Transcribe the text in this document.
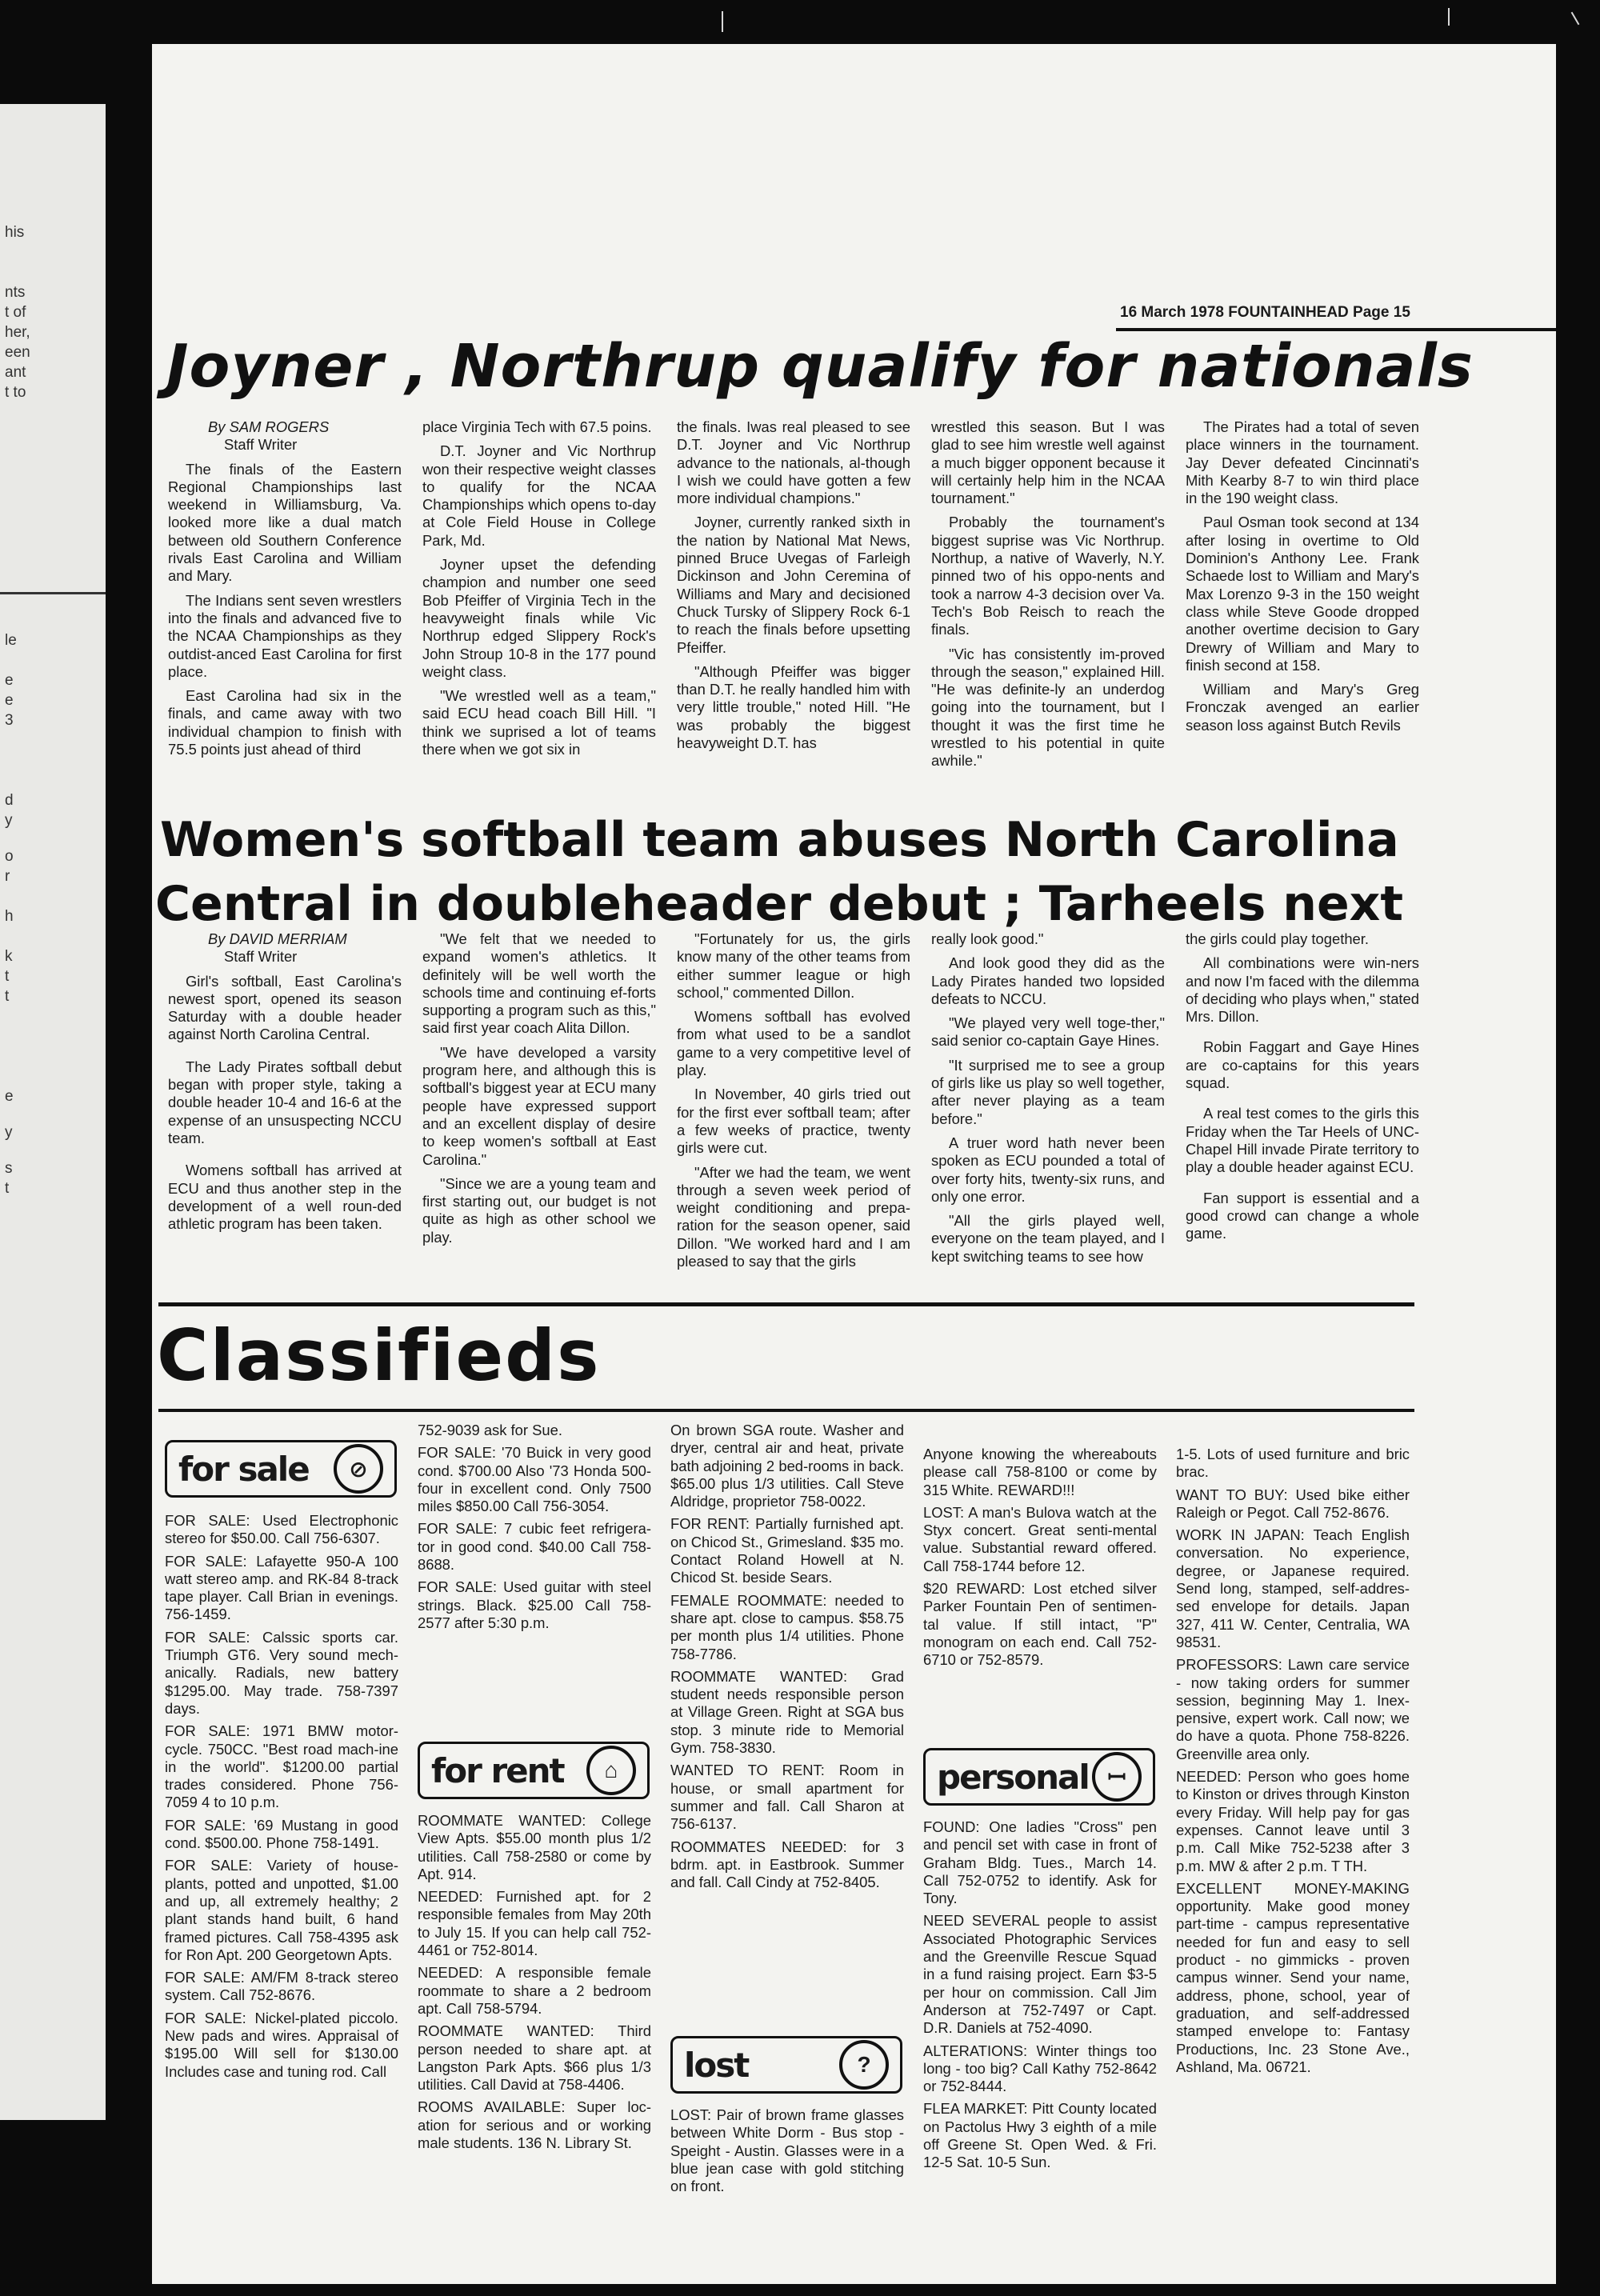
his
nts
t of
her,
een
ant
t to
le
e
e
3
d
y
o
r
h
k
t
t
e
y
s
t
16 March 1978 FOUNTAINHEAD Page 15
Joyner , Northrup qualify for nationals

By SAM ROGERS

Staff Writer

The finals of the Eastern Regional Championships last weekend in Williamsburg, Va. looked more like a dual match between old Southern Conference rivals East Carolina and William and Mary.

The Indians sent seven wrestlers into the finals and advanced five to the NCAA Championships as they outdist-anced East Carolina for first place.

East Carolina had six in the finals, and came away with two individual champion to finish with 75.5 points just ahead of third

place Virginia Tech with 67.5 poins.

D.T. Joyner and Vic Northrup won their respective weight classes to qualify for the NCAA Championships which opens to-day at Cole Field House in College Park, Md.

Joyner upset the defending champion and number one seed Bob Pfeiffer of Virginia Tech in the heavyweight finals while Vic Northrup edged Slippery Rock's John Stroup 10-8 in the 177 pound weight class.

"We wrestled well as a team," said ECU head coach Bill Hill. "I think we suprised a lot of teams there when we got six in

the finals. Iwas real pleased to see D.T. Joyner and Vic Northrup advance to the nationals, al-though I wish we could have gotten a few more individual champions."

Joyner, currently ranked sixth in the nation by National Mat News, pinned Bruce Uvegas of Farleigh Dickinson and John Ceremina of Williams and Mary and decisioned Chuck Tursky of Slippery Rock 6-1 to reach the finals before upsetting Pfeiffer.

"Although Pfeiffer was bigger than D.T. he really handled him with very little trouble," noted Hill. "He was probably the biggest heavyweight D.T. has

wrestled this season. But I was glad to see him wrestle well against a much bigger opponent because it will certainly help him in the NCAA tournament."

Probably the tournament's biggest suprise was Vic Northrup. Northup, a native of Waverly, N.Y. pinned two of his oppo-nents and took a narrow 4-3 decision over Va. Tech's Bob Reisch to reach the finals.

"Vic has consistently im-proved through the season," explained Hill. "He was definite-ly an underdog going into the tournament, but I thought it was the first time he wrestled to his potential in quite awhile."

The Pirates had a total of seven place winners in the tournament. Jay Dever defeated Cincinnati's Mith Kearby 8-7 to win third place in the 190 weight class.

Paul Osman took second at 134 after losing in overtime to Old Dominion's Anthony Lee. Frank Schaede lost to William and Mary's Max Lorenzo 9-3 in the 150 weight class while Steve Goode dropped another overtime decision to Gary Drewry of William and Mary to finish second at 158.

William and Mary's Greg Fronczak avenged an earlier season loss against Butch Revils

Women's softball team abuses North Carolina
Central in doubleheader debut ; Tarheels next

By DAVID MERRIAM

Staff Writer

Girl's softball, East Carolina's newest sport, opened its season Saturday with a double header against North Carolina Central.

The Lady Pirates softball debut began with proper style, taking a double header 10-4 and 16-6 at the expense of an unsuspecting NCCU team.

Womens softball has arrived at ECU and thus another step in the development of a well roun-ded athletic program has been taken.

"We felt that we needed to expand women's athletics. It definitely will be well worth the schools time and continuing ef-forts supporting a program such as this," said first year coach Alita Dillon.

"We have developed a varsity program here, and although this is softball's biggest year at ECU many people have expressed support and an excellent display of desire to keep women's softball at East Carolina."

"Since we are a young team and first starting out, our budget is not quite as high as other school we play.

"Fortunately for us, the girls know many of the other teams from either summer league or high school," commented Dillon.

Womens softball has evolved from what used to be a sandlot game to a very competitive level of play.

In November, 40 girls tried out for the first ever softball team; after a few weeks of practice, twenty girls were cut.

"After we had the team, we went through a seven week period of weight conditioning and prepa-ration for the season opener, said Dillon. "We worked hard and I am pleased to say that the girls

really look good."

And look good they did as the Lady Pirates handed two lopsided defeats to NCCU.

"We played very well toge-ther," said senior co-captain Gaye Hines.

"It surprised me to see a group of girls like us play so well together, after never playing as a team before."

A truer word hath never been spoken as ECU pounded a total of over forty hits, twenty-six runs, and only one error.

"All the girls played well, everyone on the team played, and I kept switching teams to see how

the girls could play together.

All combinations were win-ners and now I'm faced with the dilemma of deciding who plays when," stated Mrs. Dillon.

Robin Faggart and Gaye Hines are co-captains for this years squad.

A real test comes to the girls this Friday when the Tar Heels of UNC-Chapel Hill invade Pirate territory to play a double header against ECU.

Fan support is essential and a good crowd can change a whole game.

Classifieds
for sale	⊘

FOR SALE: Used Electrophonic stereo for $50.00. Call 756-6307.

FOR SALE: Lafayette 950-A 100 watt stereo amp. and RK-84 8-track tape player. Call Brian in evenings. 756-1459.

FOR SALE: Calssic sports car. Triumph GT6. Very sound mech-anically. Radials, new battery $1295.00. May trade. 758-7397 days.

FOR SALE: 1971 BMW motor-cycle. 750CC. "Best road mach-ine in the world". $1200.00 partial trades considered. Phone 756-7059 4 to 10 p.m.

FOR SALE: '69 Mustang in good cond. $500.00. Phone 758-1491.

FOR SALE: Variety of house-plants, potted and unpotted, $1.00 and up, all extremely healthy; 2 plant stands hand built, 6 hand framed pictures. Call 758-4395 ask for Ron Apt. 200 Georgetown Apts.

FOR SALE: AM/FM 8-track stereo system. Call 752-8676.

FOR SALE: Nickel-plated piccolo. New pads and wires. Appraisal of $195.00 Will sell for $130.00 Includes case and tuning rod. Call

752-9039 ask for Sue.

FOR SALE: '70 Buick in very good cond. $700.00 Also '73 Honda 500-four in excellent cond. Only 7500 miles $850.00 Call 756-3054.

FOR SALE: 7 cubic feet refrigera-tor in good cond. $40.00 Call 758-8688.

FOR SALE: Used guitar with steel strings. Black. $25.00 Call 758-2577 after 5:30 p.m.

for rent	⌂

ROOMMATE WANTED: College View Apts. $55.00 month plus 1/2 utilities. Call 758-2580 or come by Apt. 914.

NEEDED: Furnished apt. for 2 responsible females from May 20th to July 15. If you can help call 752-4461 or 752-8014.

NEEDED: A responsible female roommate to share a 2 bedroom apt. Call 758-5794.

ROOMMATE WANTED: Third person needed to share apt. at Langston Park Apts. $66 plus 1/3 utilities. Call David at 758-4406.

ROOMS AVAILABLE: Super loc-ation for serious and or working male students. 136 N. Library St.

On brown SGA route. Washer and dryer, central air and heat, private bath adjoining 2 bed-rooms in back. $65.00 plus 1/3 utilities. Call Steve Aldridge, proprietor 758-0022.

FOR RENT: Partially furnished apt. on Chicod St., Grimesland. $35 mo. Contact Roland Howell at N. Chicod St. beside Sears.

FEMALE ROOMMATE: needed to share apt. close to campus. $58.75 per month plus 1/4 utilities. Phone 758-7786.

ROOMMATE WANTED: Grad student needs responsible person at Village Green. Right at SGA bus stop. 3 minute ride to Memorial Gym. 758-3830.

WANTED TO RENT: Room in house, or small apartment for summer and fall. Call Sharon at 756-6137.

ROOMMATES NEEDED: for 3 bdrm. apt. in Eastbrook. Summer and fall. Call Cindy at 752-8405.

lost	?

LOST: Pair of brown frame glasses between White Dorm - Bus stop - Speight - Austin. Glasses were in a blue jean case with gold stitching on front.

Anyone knowing the whereabouts please call 758-8100 or come by 315 White. REWARD!!!

LOST: A man's Bulova watch at the Styx concert. Great senti-mental value. Substantial reward offered. Call 758-1744 before 12.

$20 REWARD: Lost etched silver Parker Fountain Pen of sentimen-tal value. If still intact, "P" monogram on each end. Call 752-6710 or 752-8579.

personal ꟷ

FOUND: One ladies "Cross" pen and pencil set with case in front of Graham Bldg. Tues., March 14. Call 752-0752 to identify. Ask for Tony.

NEED SEVERAL people to assist Associated Photographic Services and the Greenville Rescue Squad in a fund raising project. Earn $3-5 per hour on commission. Call Jim Anderson at 752-7497 or Capt. D.R. Daniels at 752-4090.

ALTERATIONS: Winter things too long - too big? Call Kathy 752-8642 or 752-8444.

FLEA MARKET: Pitt County located on Pactolus Hwy 3 eighth of a mile off Greene St. Open Wed. & Fri. 12-5 Sat. 10-5 Sun.

1-5. Lots of used furniture and bric brac.

WANT TO BUY: Used bike either Raleigh or Pegot. Call 752-8676.

WORK IN JAPAN: Teach English conversation. No experience, degree, or Japanese required. Send long, stamped, self-addres-sed envelope for details. Japan 327, 411 W. Center, Centralia, WA 98531.

PROFESSORS: Lawn care service - now taking orders for summer session, beginning May 1. Inex-pensive, expert work. Call now; we do have a quota. Phone 758-8226. Greenville area only.

NEEDED: Person who goes home to Kinston or drives through Kinston every Friday. Will help pay for gas expenses. Cannot leave until 3 p.m. Call Mike 752-5238 after 3 p.m. MW & after 2 p.m. T TH.

EXCELLENT MONEY-MAKING opportunity. Make good money part-time - campus representative needed for fun and easy to sell product - no gimmicks - proven campus winner. Send your name, address, phone, school, year of graduation, and self-addressed stamped envelope to: Fantasy Productions, Inc. 23 Stone Ave., Ashland, Ma. 06721.
